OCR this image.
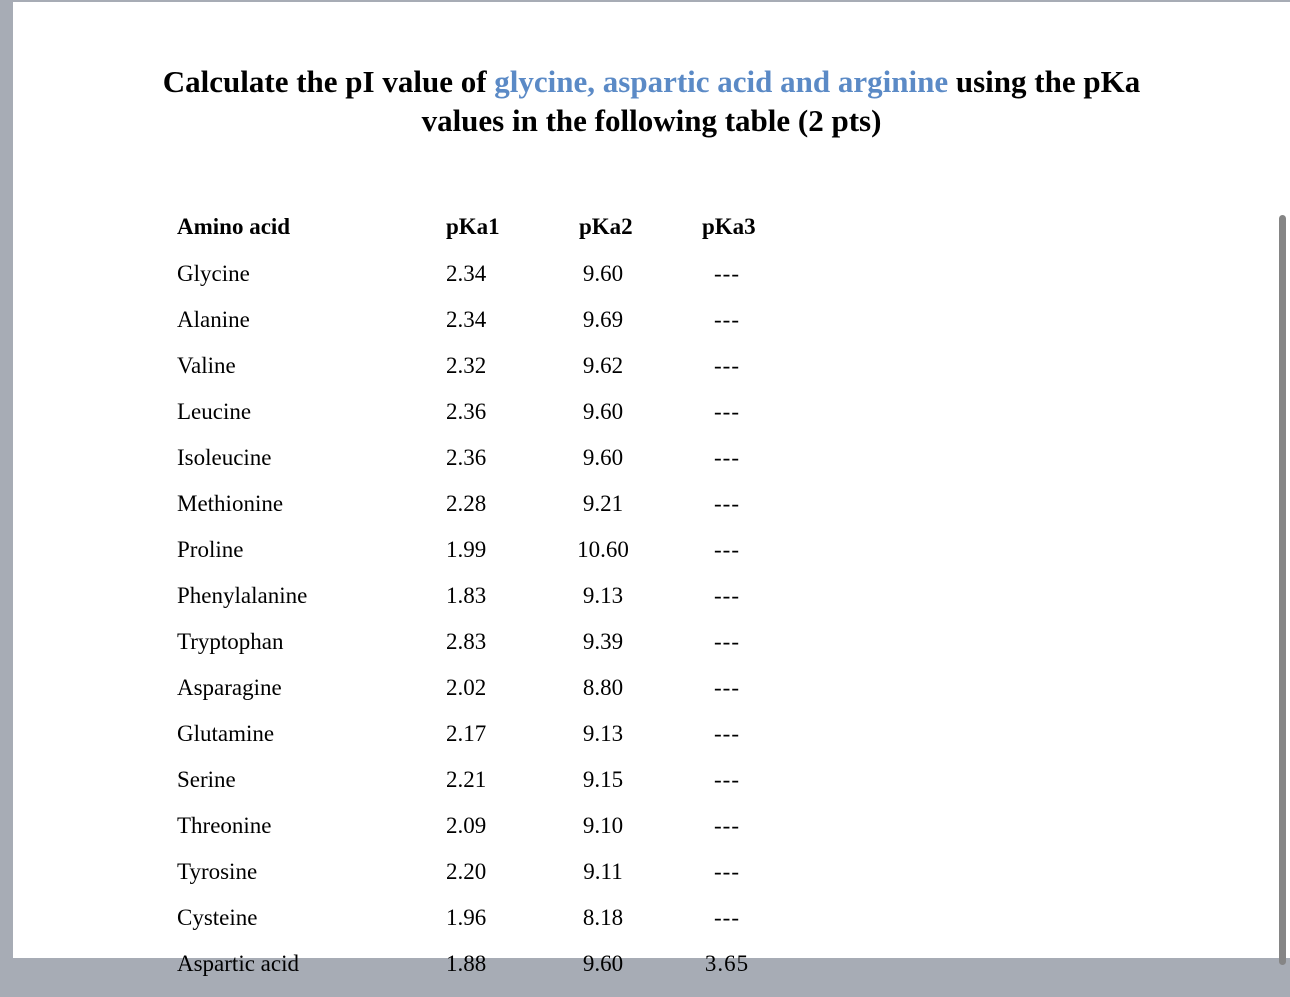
Calculate the pI value of glycine, aspartic acid and arginine using the pKa
values in the following table (2 pts)
Amino acid	pKa1	pKa2	pKa3
Glycine	2.34	9.60	---
Alanine	2.34	9.69	---
Valine	2.32	9.62	---
Leucine	2.36	9.60	---
Isoleucine	2.36	9.60	---
Methionine	2.28	9.21	---
Proline	1.99	10.60	---
Phenylalanine	1.83	9.13	---
Tryptophan	2.83	9.39	---
Asparagine	2.02	8.80	---
Glutamine	2.17	9.13	---
Serine	2.21	9.15	---
Threonine	2.09	9.10	---
Tyrosine	2.20	9.11	---
Cysteine	1.96	8.18	---
Aspartic acid	1.88	9.60	3.65
